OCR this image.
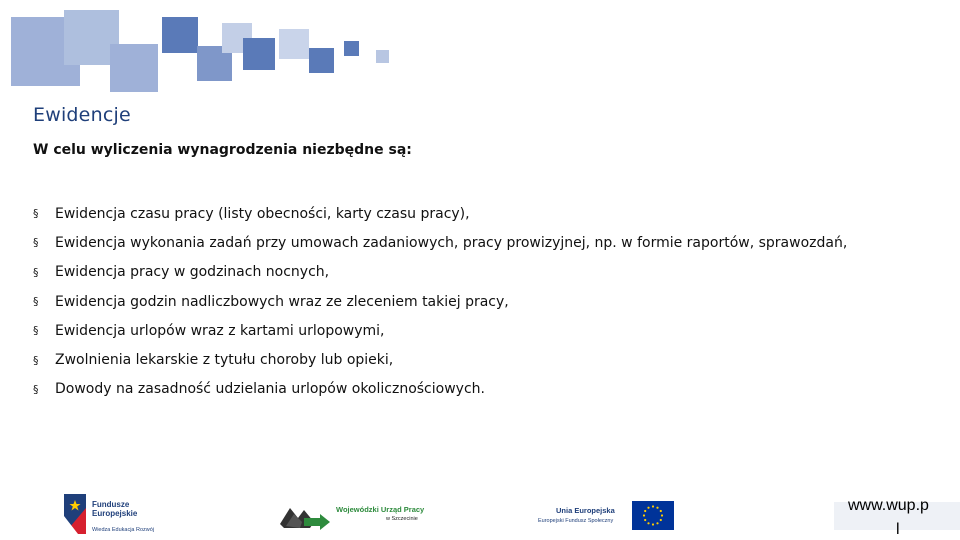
Ewidencje
W celu wyliczenia wynagrodzenia niezbędne są:
§	Ewidencja czasu pracy (listy obecności, karty czasu pracy),
§	Ewidencja wykonania zadań przy umowach zadaniowych, pracy prowizyjnej, np. w formie raportów, sprawozdań,
§	Ewidencja pracy w godzinach nocnych,
§	Ewidencja godzin nadliczbowych wraz ze zleceniem takiej pracy,
§	Ewidencja urlopów wraz z kartami urlopowymi,
§	Zwolnienia lekarskie z tytułu choroby lub opieki,
§	Dowody na zasadność udzielania urlopów okolicznościowych.
Fundusze
Europejskie
Wiedza Edukacja Rozwój
Wojewódzki Urząd Pracy
w Szczecinie
Unia Europejska
Europejski Fundusz Społeczny
www.wup.p
l
